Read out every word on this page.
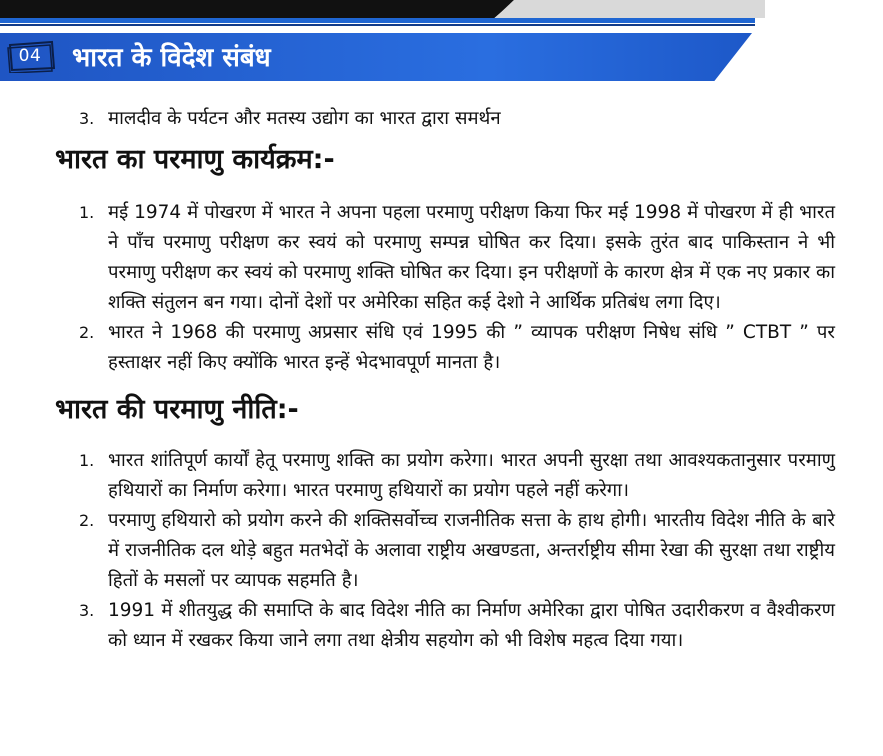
04	भारत के विदेश संबंध
3. मालदीव के पर्यटन और मतस्य उद्योग का भारत द्वारा समर्थन
भारत का परमाणु कार्यक्रम:-
1. मई 1974 में पोखरण में भारत ने अपना पहला परमाणु परीक्षण किया फिर मई 1998 में पोखरण में ही भारत ने पाँच परमाणु परीक्षण कर स्वयं को परमाणु सम्पन्न घोषित कर दिया। इसके तुरंत बाद पाकिस्तान ने भी परमाणु परीक्षण कर स्वयं को परमाणु शक्ति घोषित कर दिया। इन परीक्षणों के कारण क्षेत्र में एक नए प्रकार का शक्ति संतुलन बन गया। दोनों देशों पर अमेरिका सहित कई देशो ने आर्थिक प्रतिबंध लगा दिए।
2. भारत ने 1968 की परमाणु अप्रसार संधि एवं 1995 की ” व्यापक परीक्षण निषेध संधि ” CTBT ” पर हस्ताक्षर नहीं किए क्योंकि भारत इन्हें भेदभावपूर्ण मानता है।
भारत की परमाणु नीति:-
1. भारत शांतिपूर्ण कार्यों हेतू परमाणु शक्ति का प्रयोग करेगा। भारत अपनी सुरक्षा तथा आवश्यकतानुसार परमाणु हथियारों का निर्माण करेगा। भारत परमाणु हथियारों का प्रयोग पहले नहीं करेगा।
2. परमाणु हथियारो को प्रयोग करने की शक्तिसर्वोच्च राजनीतिक सत्ता के हाथ होगी। भारतीय विदेश नीति के बारे में राजनीतिक दल थोड़े बहुत मतभेदों के अलावा राष्ट्रीय अखण्डता, अन्तर्राष्ट्रीय सीमा रेखा की सुरक्षा तथा राष्ट्रीय हितों के मसलों पर व्यापक सहमति है।
3. 1991 में शीतयुद्ध की समाप्ति के बाद विदेश नीति का निर्माण अमेरिका द्वारा पोषित उदारीकरण व वैश्वीकरण को ध्यान में रखकर किया जाने लगा तथा क्षेत्रीय सहयोग को भी विशेष महत्व दिया गया।
